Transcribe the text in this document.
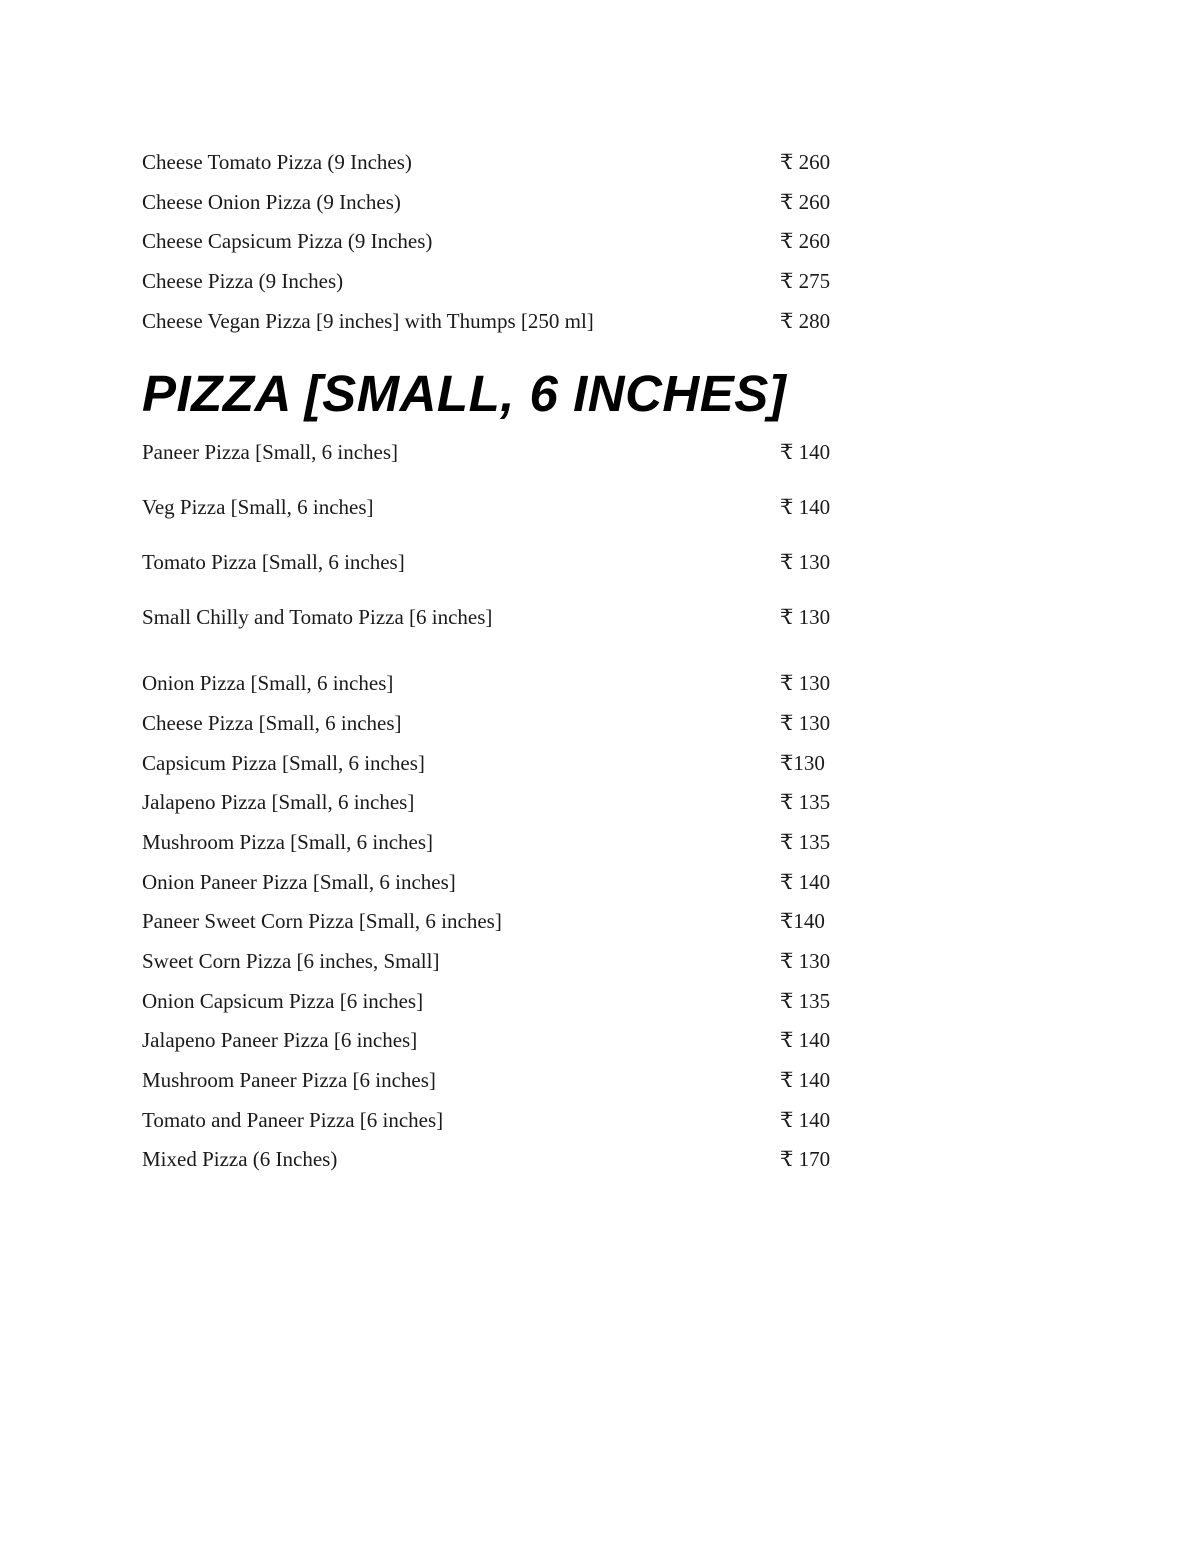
Cheese Tomato Pizza (9 Inches)	₹ 260
Cheese Onion Pizza (9 Inches)	₹ 260
Cheese Capsicum Pizza (9 Inches)	₹ 260
Cheese Pizza (9 Inches)	₹ 275
Cheese Vegan Pizza [9 inches] with Thumps [250 ml]	₹ 280
PIZZA [SMALL, 6 INCHES]
Paneer Pizza [Small, 6 inches]	₹ 140
Veg Pizza [Small, 6 inches]	₹ 140
Tomato Pizza [Small, 6 inches]	₹ 130
Small Chilly and Tomato Pizza [6 inches]	₹ 130
Onion Pizza [Small, 6 inches]	₹ 130
Cheese Pizza [Small, 6 inches]	₹ 130
Capsicum Pizza [Small, 6 inches]	₹130
Jalapeno Pizza [Small, 6 inches]	₹ 135
Mushroom Pizza [Small, 6 inches]	₹ 135
Onion Paneer Pizza [Small, 6 inches]	₹ 140
Paneer Sweet Corn Pizza [Small, 6 inches]	₹140
Sweet Corn Pizza [6 inches, Small]	₹ 130
Onion Capsicum Pizza [6 inches]	₹ 135
Jalapeno Paneer Pizza [6 inches]	₹ 140
Mushroom Paneer Pizza [6 inches]	₹ 140
Tomato and Paneer Pizza [6 inches]	₹ 140
Mixed Pizza (6 Inches)	₹ 170
